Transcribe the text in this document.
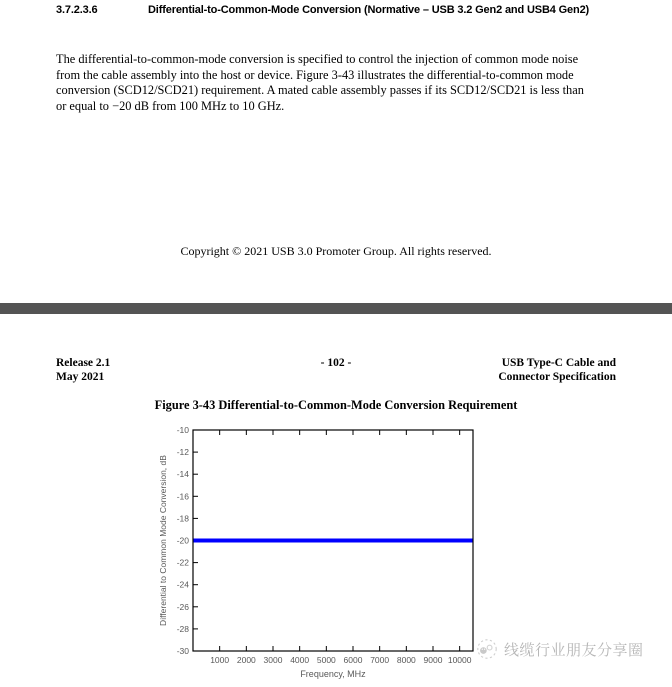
3.7.2.3.6	Differential-to-Common-Mode Conversion (Normative – USB 3.2 Gen2 and USB4 Gen2)

The differential-to-common-mode conversion is specified to control the injection of common mode noise from the cable assembly into the host or device. Figure 3-43 illustrates the differential-to-common mode conversion (SCD12/SCD21) requirement. A mated cable assembly passes if its SCD12/SCD21 is less than or equal to −20 dB from 100 MHz to 10 GHz.

Copyright © 2021 USB 3.0 Promoter Group. All rights reserved.
Release 2.1
May 2021
- 102 -	USB Type-C Cable and
Connector Specification
Figure 3-43 Differential-to-Common-Mode Conversion Requirement
-10
-12
-14
-16
-18
-20
-22
-24
-26
-28
-30
1000 2000 3000 4000 5000 6000 7000 8000 9000 10000
Frequency, MHz
Differential to Common Mode Conversion, dB
线缆行业朋友分享圈
